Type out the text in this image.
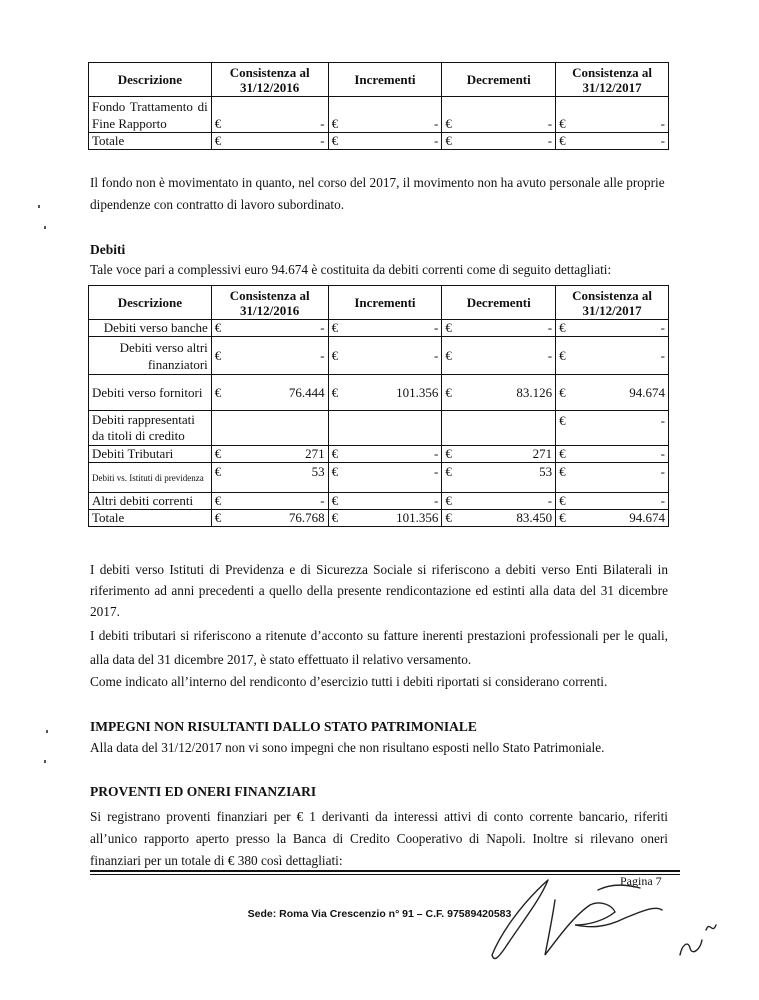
Descrizione	Consistenza al 31/12/2016	Incrementi	Decrementi	Consistenza al 31/12/2017
Fondo Trattamento di Fine Rapporto	€ -	€ -	€ -	€ -

Totale	€ -	€ -	€ -	€ -

Il fondo non è movimentato in quanto, nel corso del 2017, il movimento non ha avuto personale alle proprie dipendenze con contratto di lavoro subordinato.

Debiti

Tale voce pari a complessivi euro 94.674 è costituita da debiti correnti come di seguito dettagliati:

Descrizione	Consistenza al 31/12/2016	Incrementi	Decrementi	Consistenza al 31/12/2017
Debiti verso banche	€ -	€ -	€ -	€ -

Debiti verso altri finanziatori	€ -	€ -	€ -	€ -

Debiti verso fornitori	€ 76.444	€ 101.356	€ 83.126	€ 94.674

Debiti rappresentati da titoli di credito				€ -

Debiti Tributari	€ 271	€ -	€ 271	€ -

Debiti vs. Istituti di previdenza	€ 53	€ -	€ 53	€ -

Altri debiti correnti	€ -	€ -	€ -	€ -

Totale	€ 76.768	€ 101.356	€ 83.450	€ 94.674

I debiti verso Istituti di Previdenza e di Sicurezza Sociale si riferiscono a debiti verso Enti Bilaterali in

riferimento ad anni precedenti a quello della presente rendicontazione ed estinti alla data del 31 dicembre

2017.

I debiti tributari si riferiscono a ritenute d’acconto su fatture inerenti prestazioni professionali per le quali,

alla data del 31 dicembre 2017, è stato effettuato il relativo versamento.

Come indicato all’interno del rendiconto d’esercizio tutti i debiti riportati si considerano correnti.

IMPEGNI NON RISULTANTI DALLO STATO PATRIMONIALE

Alla data del 31/12/2017 non vi sono impegni che non risultano esposti nello Stato Patrimoniale.

PROVENTI ED ONERI FINANZIARI

Si registrano proventi finanziari per € 1 derivanti da interessi attivi di conto corrente bancario, riferiti

all’unico rapporto aperto presso la Banca di Credito Cooperativo di Napoli. Inoltre si rilevano oneri

finanziari per un totale di € 380 così dettagliati:

Pagina 7
Sede: Roma Via Crescenzio n° 91 – C.F. 97589420583
